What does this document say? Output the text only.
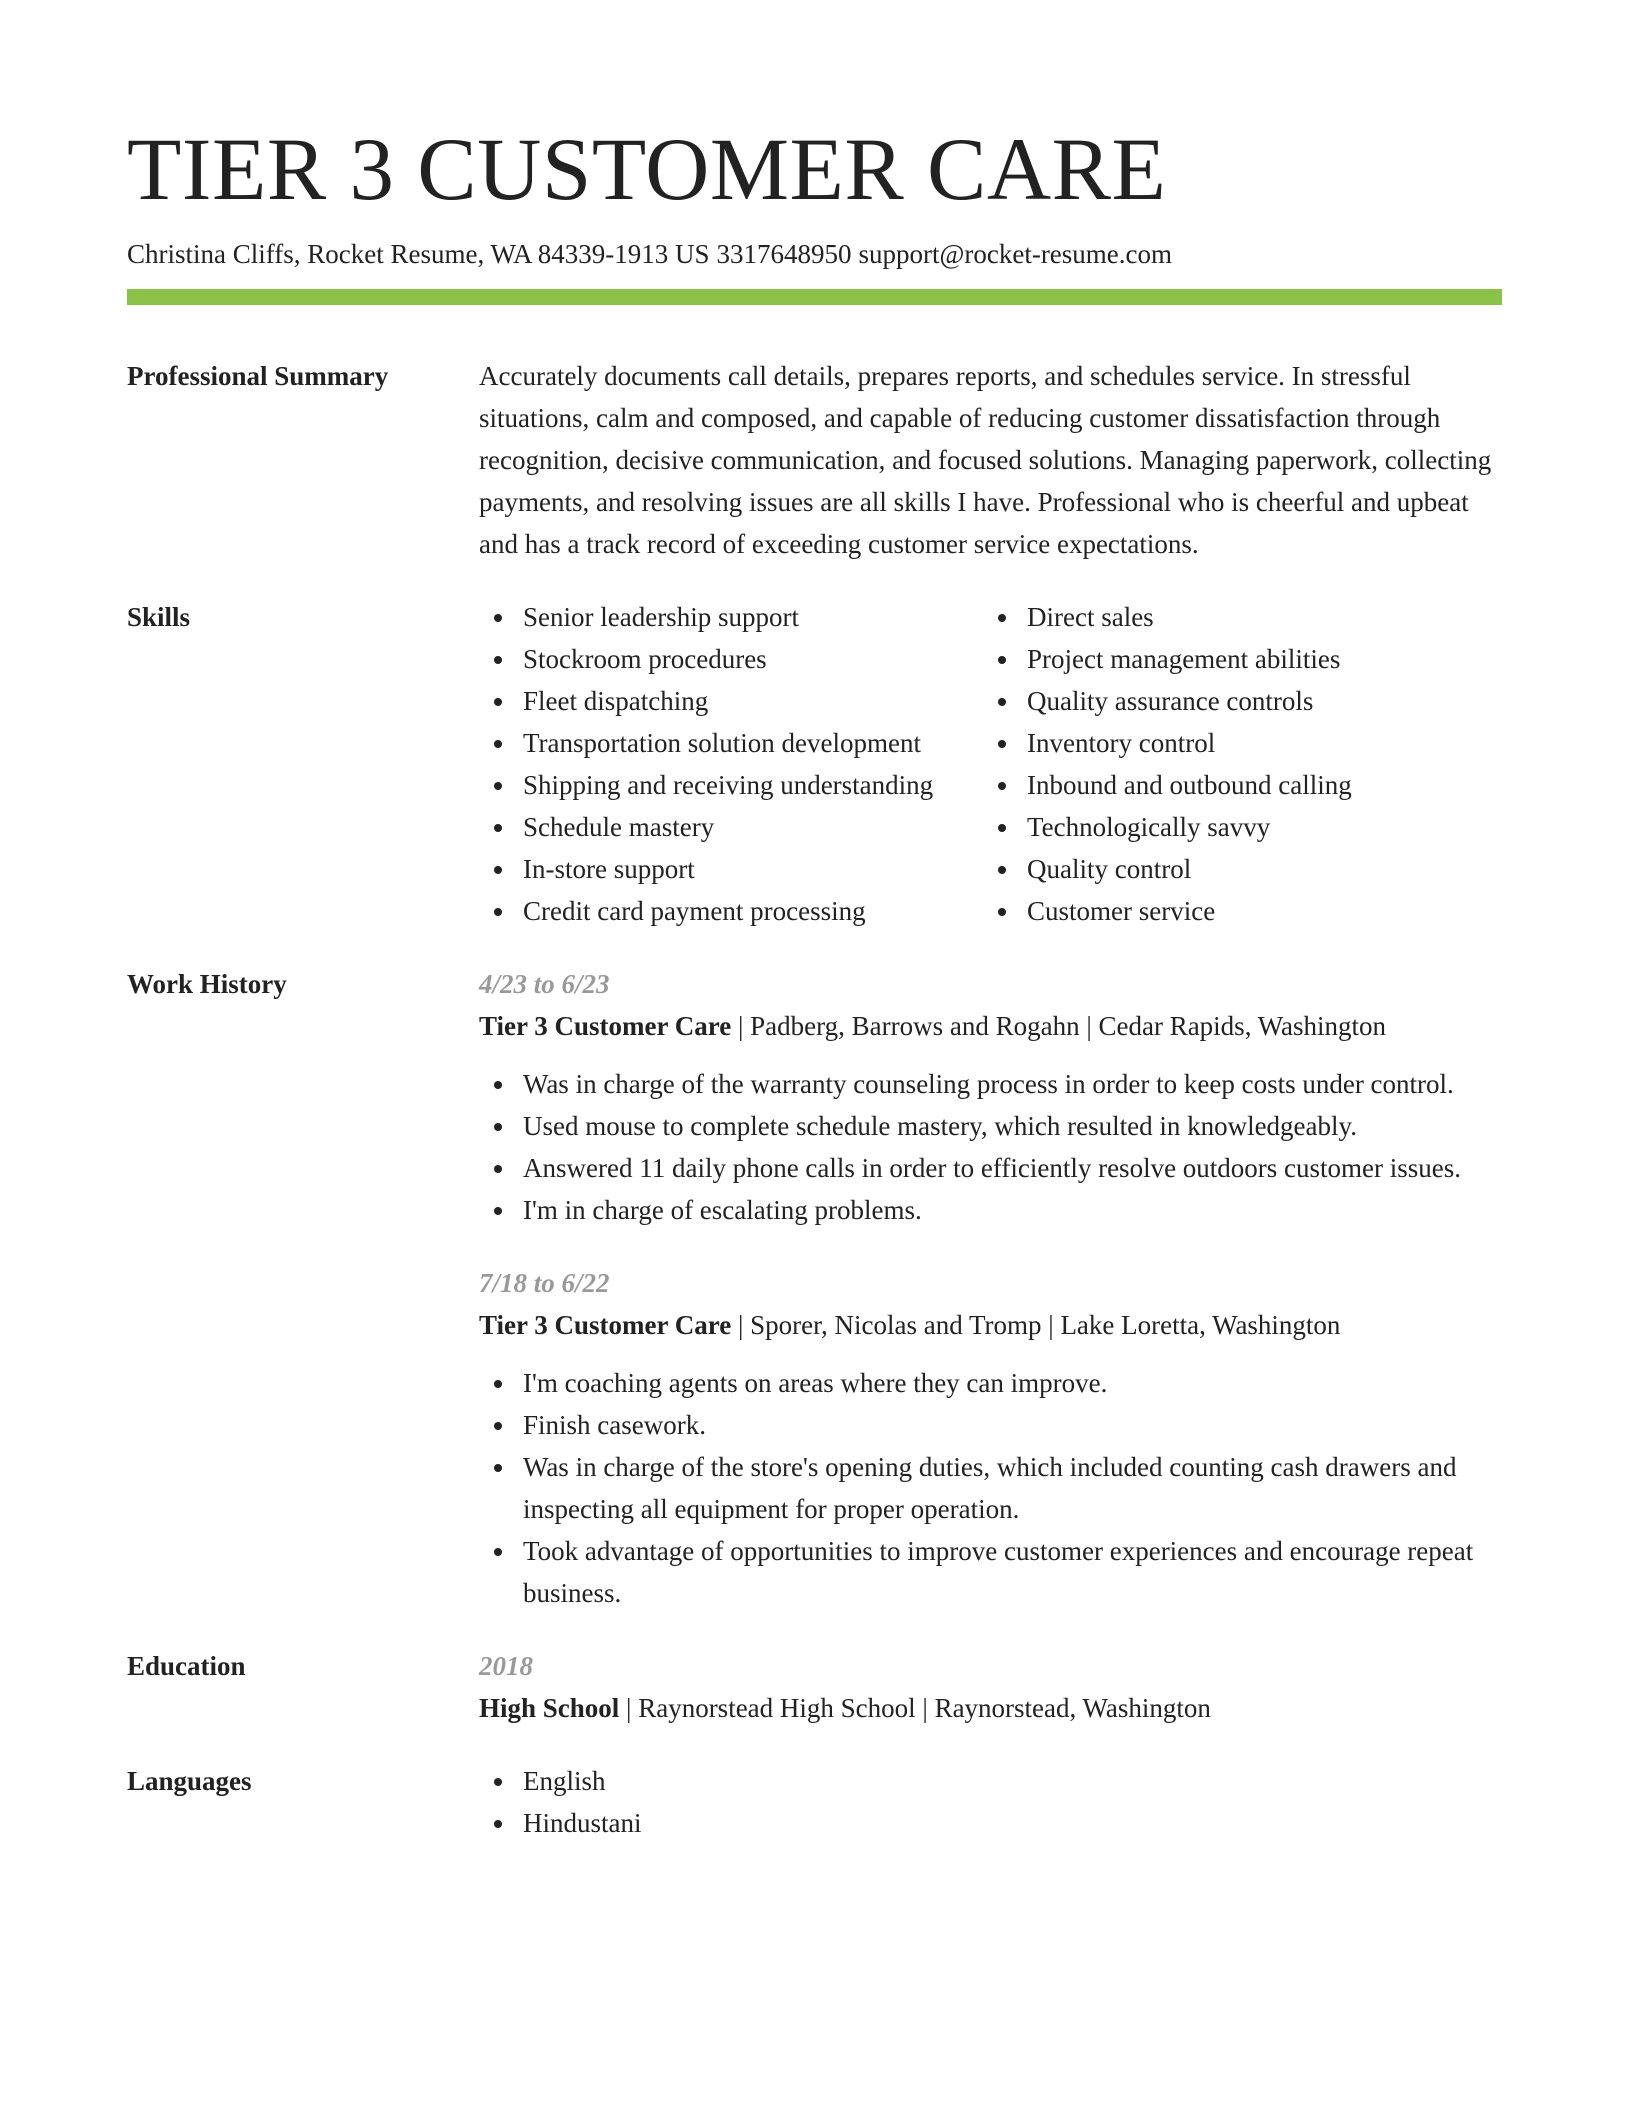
TIER 3 CUSTOMER CARE
Christina Cliffs, Rocket Resume, WA 84339-1913 US 3317648950 support@rocket-resume.com
Professional Summary	Accurately documents call details, prepares reports, and schedules service. In stressful situations, calm and composed, and capable of reducing customer dissatisfaction through recognition, decisive communication, and focused solutions. Managing paperwork, collecting payments, and resolving issues are all skills I have. Professional who is cheerful and upbeat and has a track record of exceeding customer service expectations.
Skills	Senior leadership support
Stockroom procedures
Fleet dispatching
Transportation solution development
Shipping and receiving understanding
Schedule mastery
In-store support
Credit card payment processing
Direct sales
Project management abilities
Quality assurance controls
Inventory control
Inbound and outbound calling
Technologically savvy
Quality control
Customer service
Work History	4/23 to 6/23
Tier 3 Customer Care | Padberg, Barrows and Rogahn | Cedar Rapids, Washington
Was in charge of the warranty counseling process in order to keep costs under control.
Used mouse to complete schedule mastery, which resulted in knowledgeably.
Answered 11 daily phone calls in order to efficiently resolve outdoors customer issues.
I'm in charge of escalating problems.
7/18 to 6/22
Tier 3 Customer Care | Sporer, Nicolas and Tromp | Lake Loretta, Washington
I'm coaching agents on areas where they can improve.
Finish casework.
Was in charge of the store's opening duties, which included counting cash drawers and inspecting all equipment for proper operation.
Took advantage of opportunities to improve customer experiences and encourage repeat business.
Education	2018
High School | Raynorstead High School | Raynorstead, Washington
Languages	English
Hindustani
